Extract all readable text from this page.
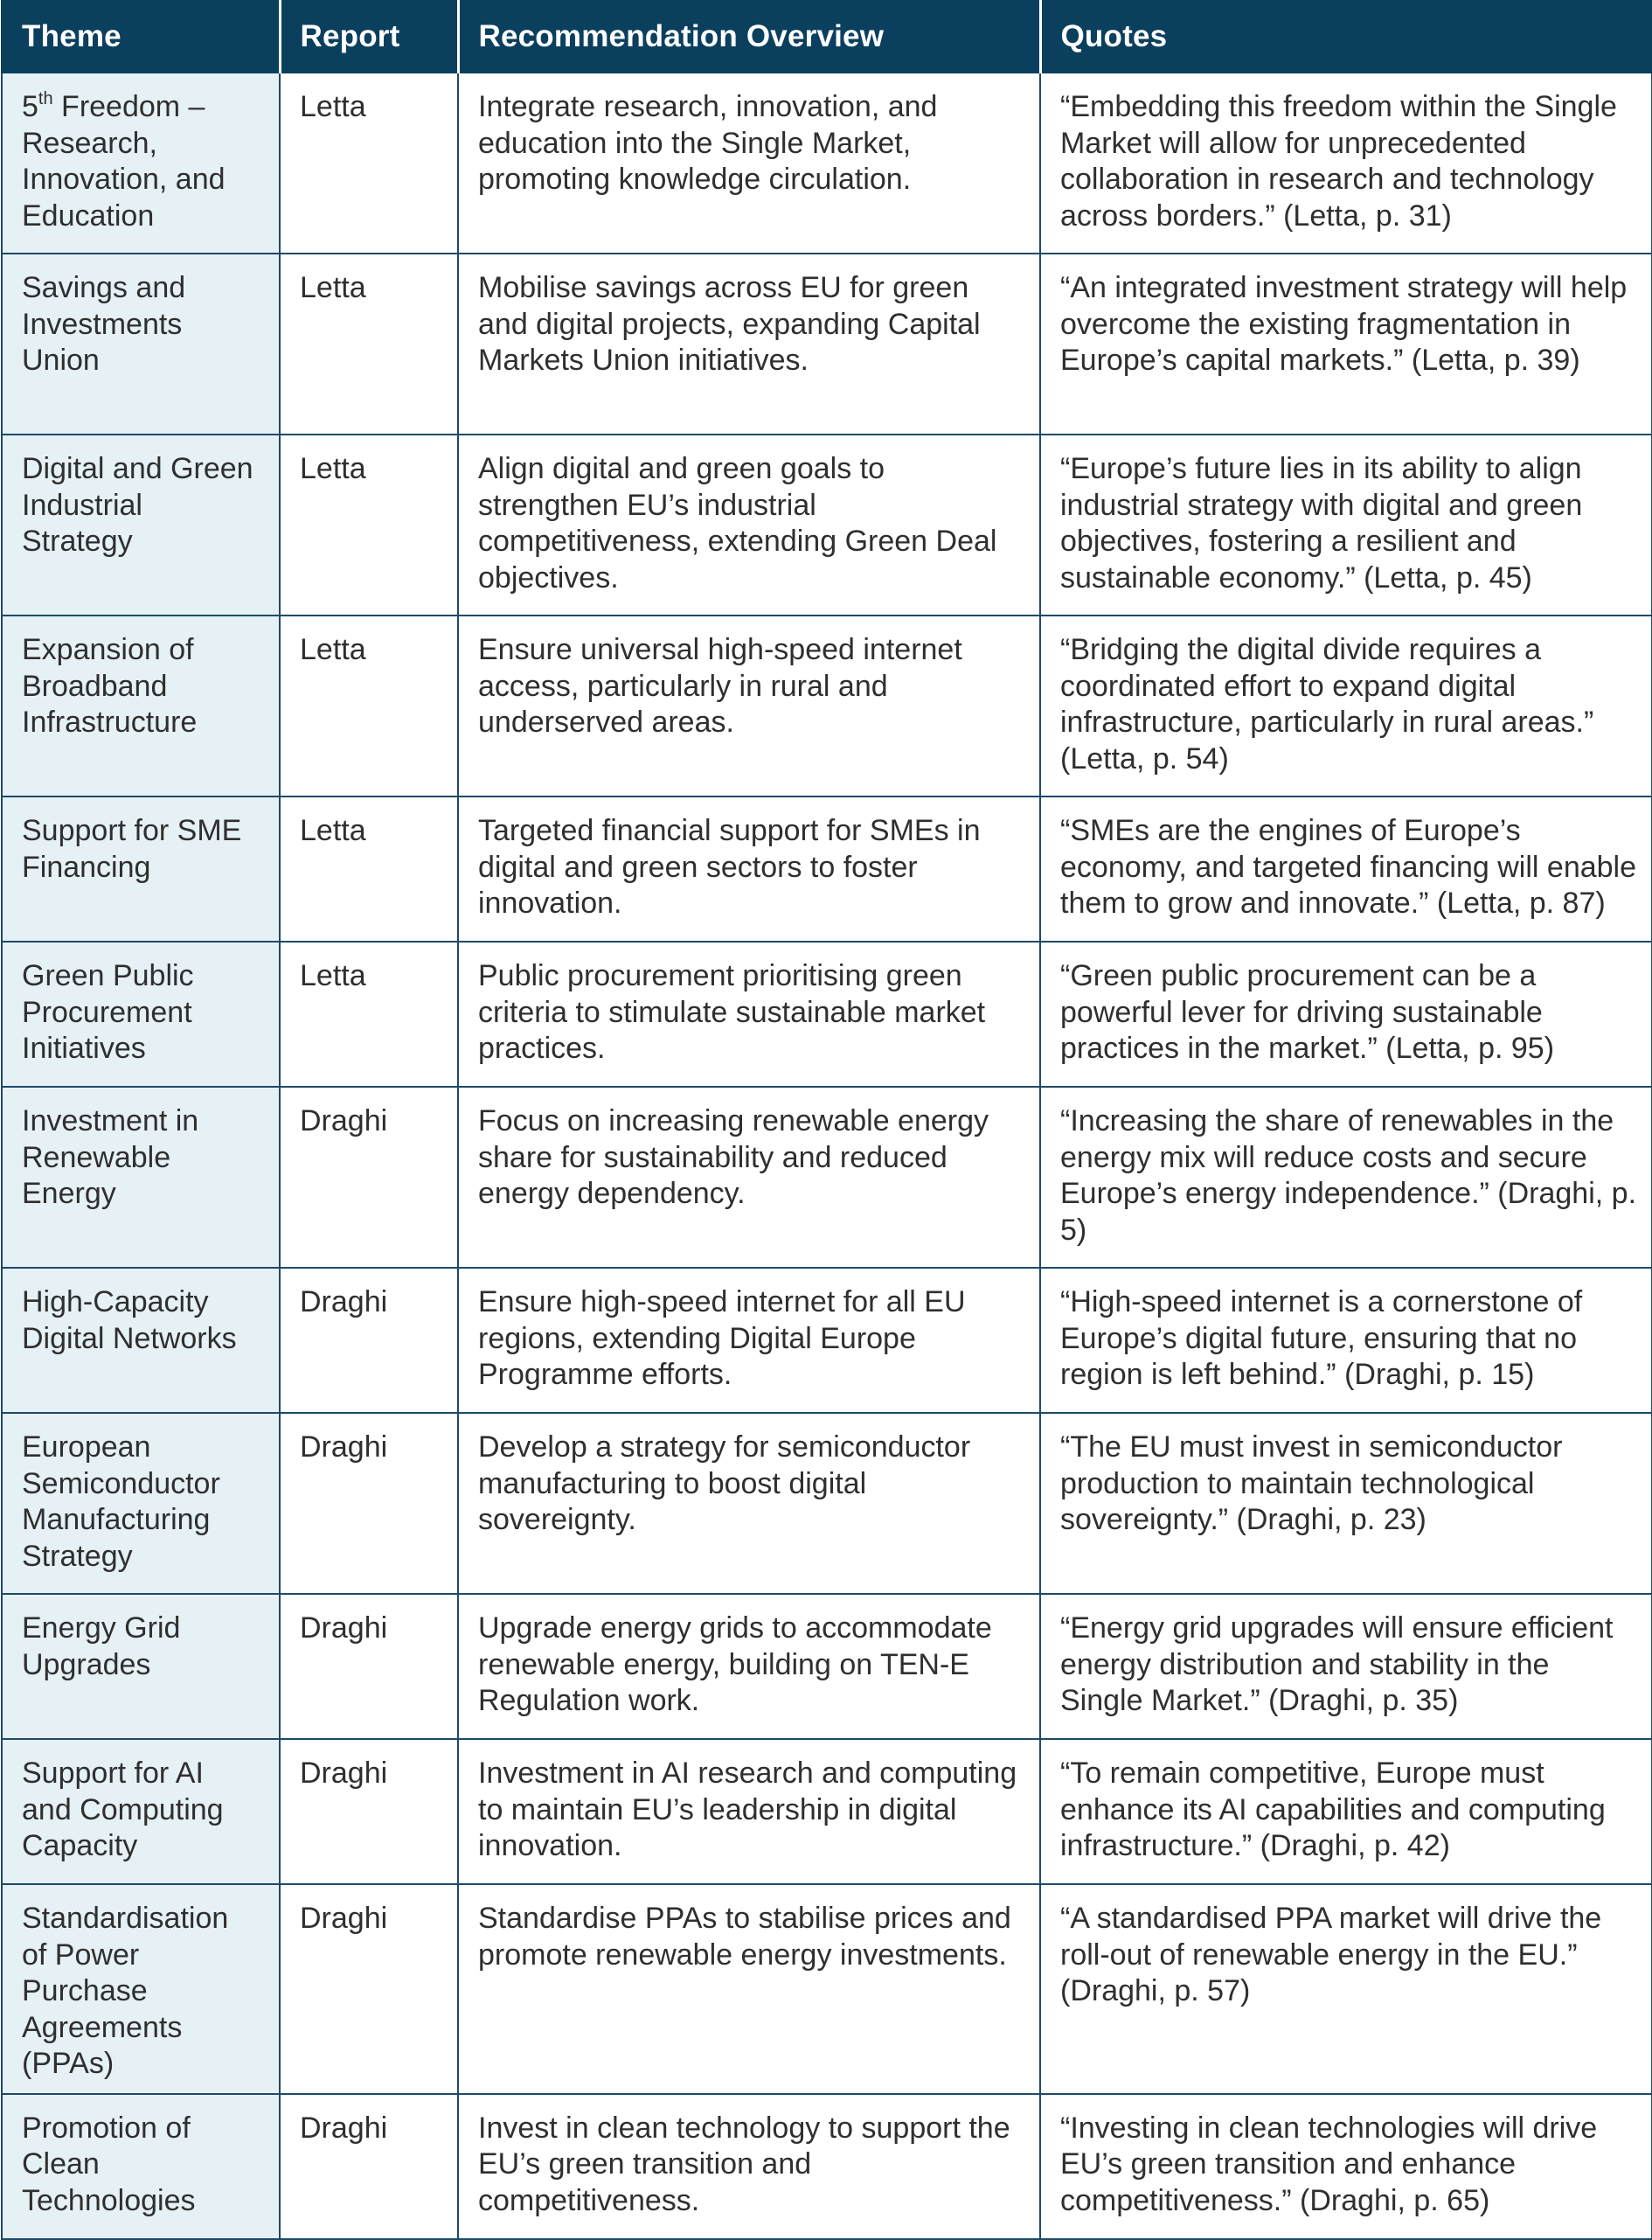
Theme	Report	Recommendation Overview	Quotes
5th Freedom – Research, Innovation, and Education	Letta	Integrate research, innovation, and education into the Single Market, promoting knowledge circulation.	“Embedding this freedom within the Single Market will allow for unprecedented collaboration in research and technology across borders.” (Letta, p. 31)
Savings and Investments Union	Letta	Mobilise savings across EU for green and digital projects, expanding Capital Markets Union initiatives.	“An integrated investment strategy will help overcome the existing fragmentation in Europe’s capital markets.” (Letta, p. 39)
Digital and Green Industrial Strategy	Letta	Align digital and green goals to strengthen EU’s industrial competitiveness, extending Green Deal objectives.	“Europe’s future lies in its ability to align industrial strategy with digital and green objectives, fostering a resilient and sustainable economy.” (Letta, p. 45)
Expansion of Broadband Infrastructure	Letta	Ensure universal high-speed internet access, particularly in rural and underserved areas.	“Bridging the digital divide requires a coordinated effort to expand digital infrastructure, particularly in rural areas.” (Letta, p. 54)
Support for SME Financing	Letta	Targeted financial support for SMEs in digital and green sectors to foster innovation.	“SMEs are the engines of Europe’s economy, and targeted financing will enable them to grow and innovate.” (Letta, p. 87)
Green Public Procurement Initiatives	Letta	Public procurement prioritising green criteria to stimulate sustainable market practices.	“Green public procurement can be a powerful lever for driving sustainable practices in the market.” (Letta, p. 95)
Investment in Renewable Energy	Draghi	Focus on increasing renewable energy share for sustainability and reduced energy dependency.	“Increasing the share of renewables in the energy mix will reduce costs and secure Europe’s energy independence.” (Draghi, p. 5)
High-Capacity Digital Networks	Draghi	Ensure high-speed internet for all EU regions, extending Digital Europe Programme efforts.	“High-speed internet is a cornerstone of Europe’s digital future, ensuring that no region is left behind.” (Draghi, p. 15)
European Semiconductor Manufacturing Strategy	Draghi	Develop a strategy for semiconductor manufacturing to boost digital sovereignty.	“The EU must invest in semiconductor production to maintain technological sovereignty.” (Draghi, p. 23)
Energy Grid Upgrades	Draghi	Upgrade energy grids to accommodate renewable energy, building on TEN-E Regulation work.	“Energy grid upgrades will ensure efficient energy distribution and stability in the Single Market.” (Draghi, p. 35)
Support for AI and Computing Capacity	Draghi	Investment in AI research and computing to maintain EU’s leadership in digital innovation.	“To remain competitive, Europe must enhance its AI capabilities and computing infrastructure.” (Draghi, p. 42)
Standardisation of Power Purchase Agreements (PPAs)	Draghi	Standardise PPAs to stabilise prices and promote renewable energy investments.	“A standardised PPA market will drive the roll-out of renewable energy in the EU.” (Draghi, p. 57)
Promotion of Clean Technologies	Draghi	Invest in clean technology to support the EU’s green transition and competitiveness.	“Investing in clean technologies will drive EU’s green transition and enhance competitiveness.” (Draghi, p. 65)
